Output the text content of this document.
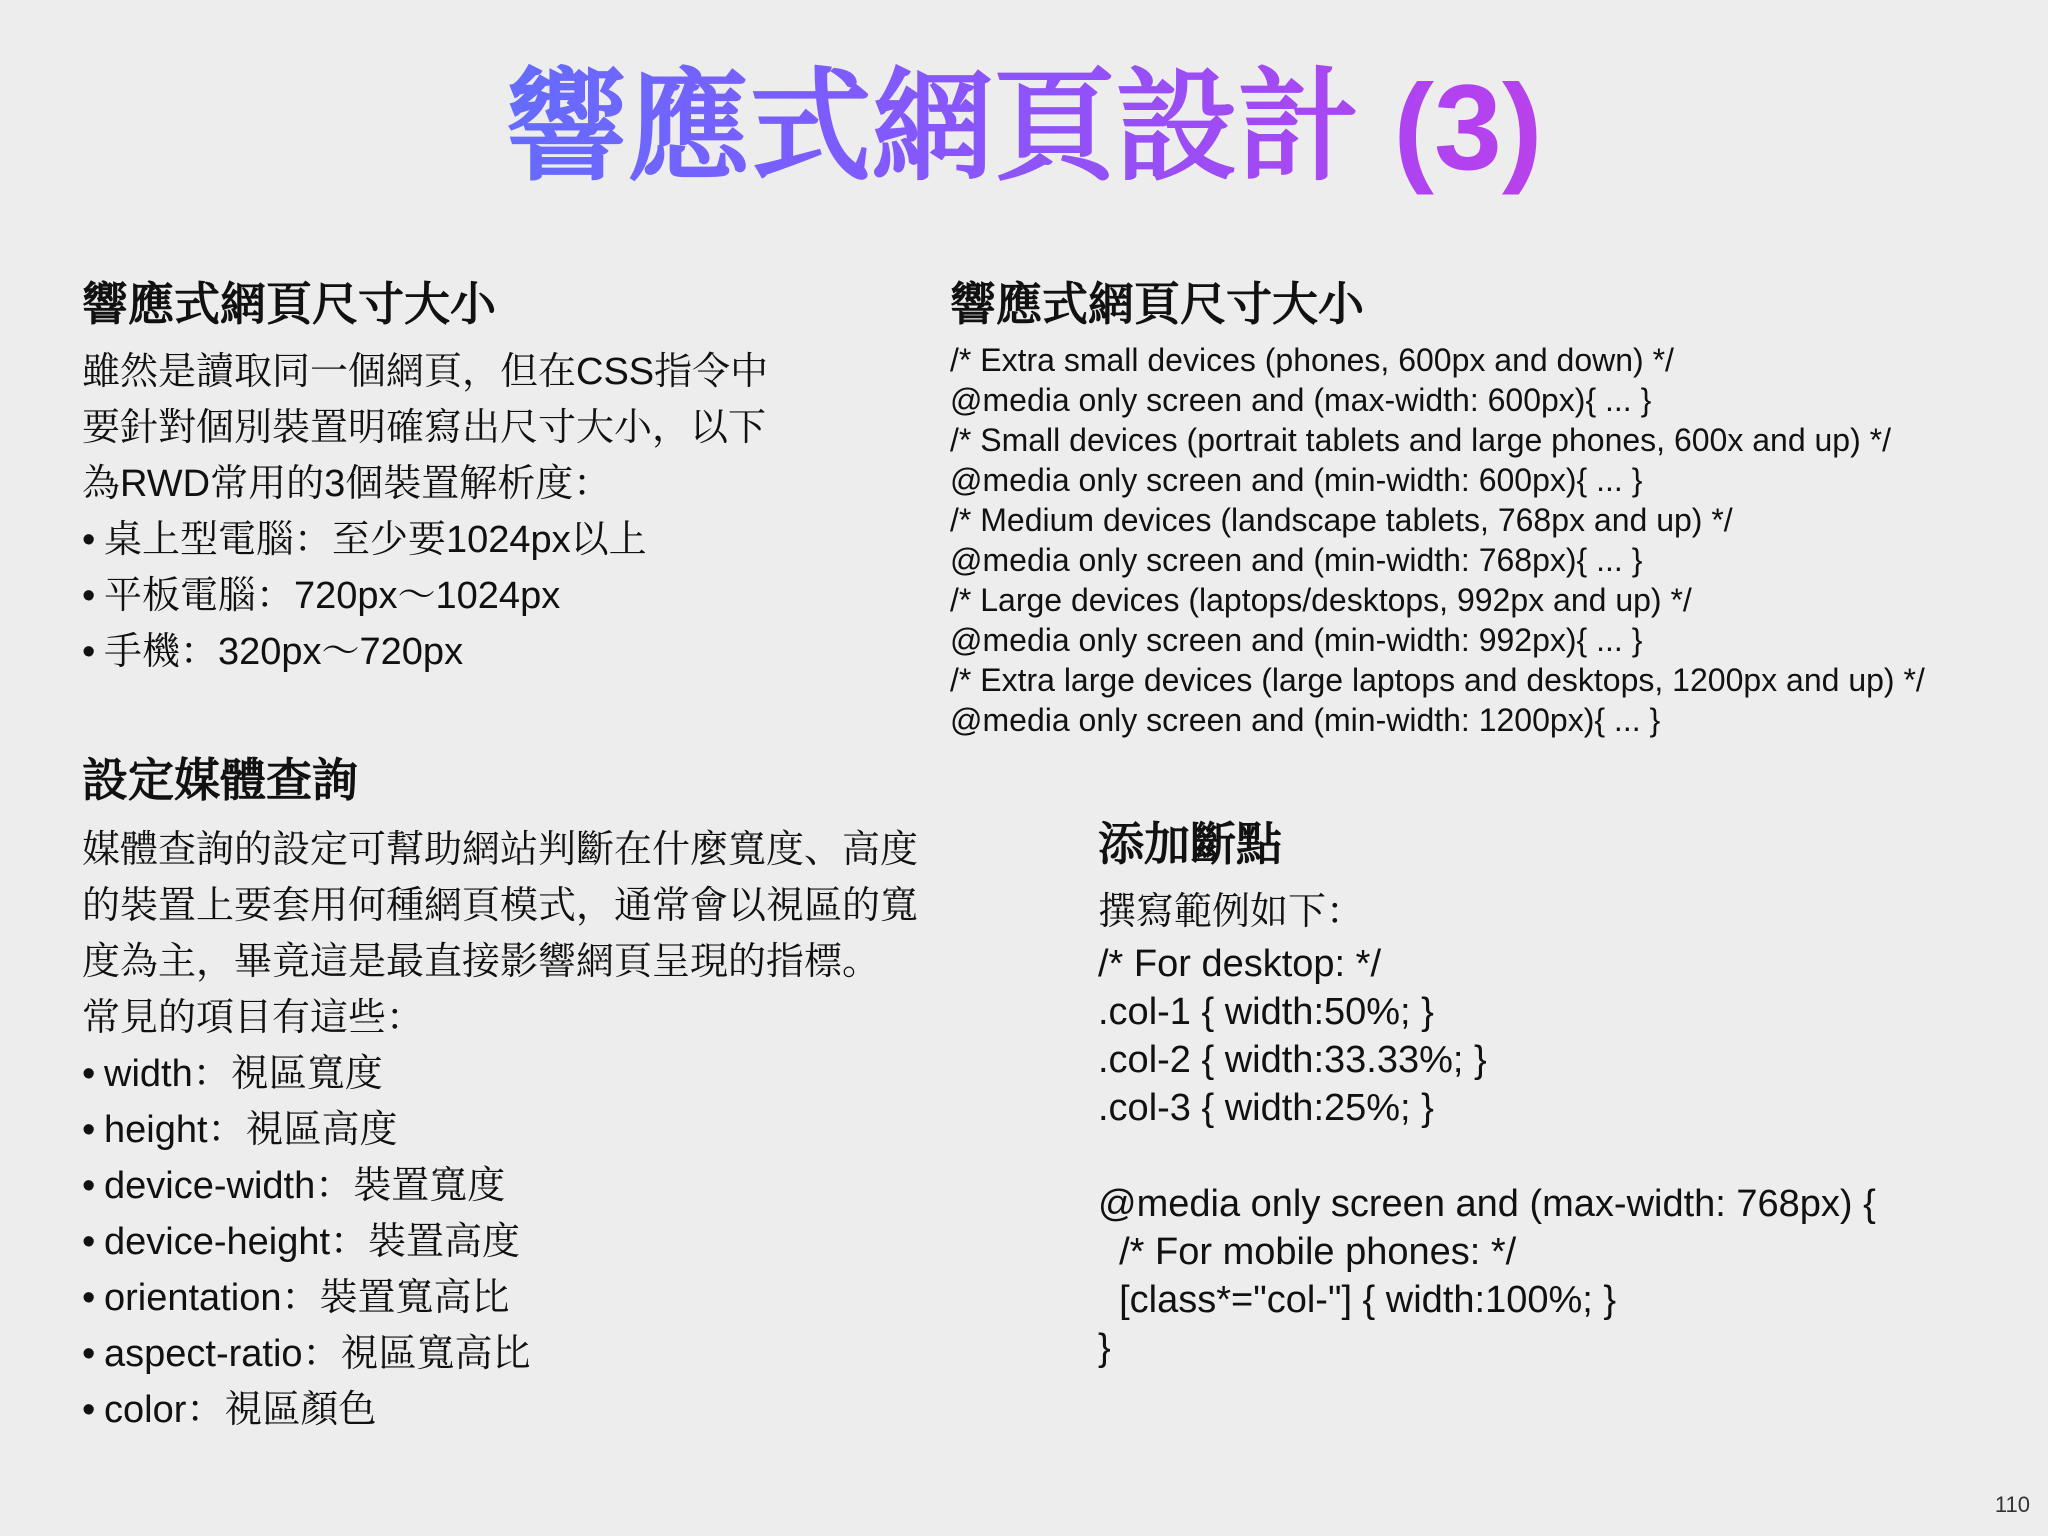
響應式網頁設計 (3)
響應式網頁尺寸大小

雖然是讀取同一個網頁，但在CSS指令中

要針對個別裝置明確寫出尺寸大小，以下

為RWD常用的3個裝置解析度：

• 桌上型電腦：至少要1024px以上
• 平板電腦：720px～1024px
• 手機：320px～720px
響應式網頁尺寸大小
/* Extra small devices (phones, 600px and down) */
@media only screen and (max-width: 600px){ ... }
/* Small devices (portrait tablets and large phones, 600x and up) */
@media only screen and (min-width: 600px){ ... }
/* Medium devices (landscape tablets, 768px and up) */
@media only screen and (min-width: 768px){ ... }
/* Large devices (laptops/desktops, 992px and up) */
@media only screen and (min-width: 992px){ ... }
/* Extra large devices (large laptops and desktops, 1200px and up) */
@media only screen and (min-width: 1200px){ ... }
設定媒體查詢

媒體查詢的設定可幫助網站判斷在什麼寬度、高度

的裝置上要套用何種網頁模式，通常會以視區的寬

度為主，畢竟這是最直接影響網頁呈現的指標。

常見的項目有這些：

• width：視區寬度
• height：視區高度
• device-width：裝置寬度
• device-height：裝置高度
• orientation：裝置寬高比
• aspect-ratio：視區寬高比
• color：視區顏色
添加斷點
撰寫範例如下：
/* For desktop: */
.col-1 { width:50%; }
.col-2 { width:33.33%; }
.col-3 { width:25%; }

@media only screen and (max-width: 768px) {
/* For mobile phones: */
[class*="col-"] { width:100%; }
}
110
